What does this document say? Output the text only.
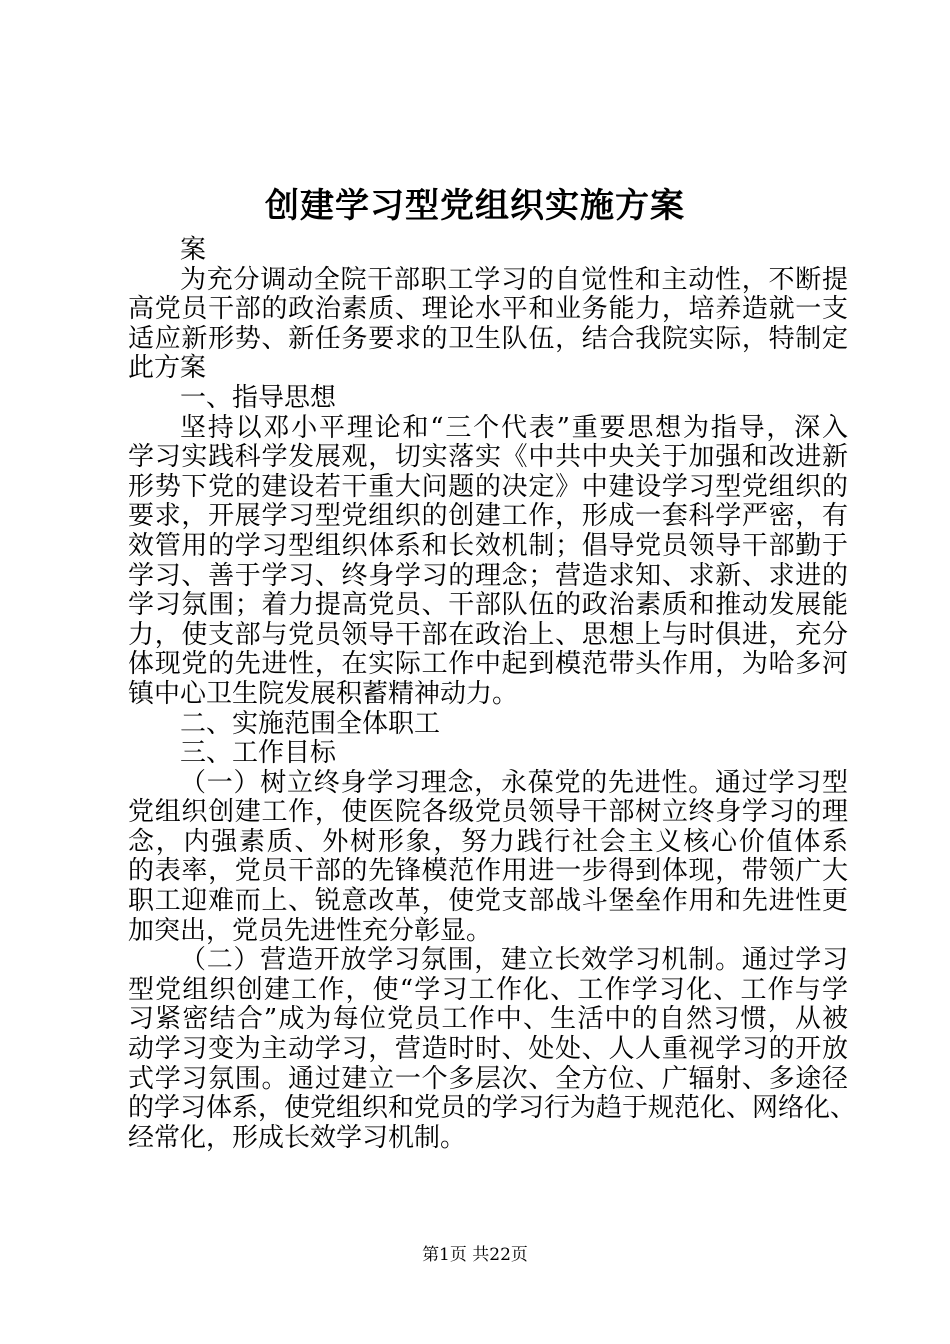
创建学习型党组织实施方案
案
为充分调动全院干部职工学习的自觉性和主动性，不断提
高党员干部的政治素质、理论水平和业务能力，培养造就一支
适应新形势、新任务要求的卫生队伍，结合我院实际，特制定
此方案
一、指导思想
坚持以邓小平理论和“三个代表”重要思想为指导，深入
学习实践科学发展观，切实落实《中共中央关于加强和改进新
形势下党的建设若干重大问题的决定》中建设学习型党组织的
要求，开展学习型党组织的创建工作，形成一套科学严密，有
效管用的学习型组织体系和长效机制；倡导党员领导干部勤于
学习、善于学习、终身学习的理念；营造求知、求新、求进的
学习氛围；着力提高党员、干部队伍的政治素质和推动发展能
力，使支部与党员领导干部在政治上、思想上与时俱进，充分
体现党的先进性，在实际工作中起到模范带头作用，为哈多河
镇中心卫生院发展积蓄精神动力。
二、实施范围全体职工
三、工作目标
（一）树立终身学习理念，永葆党的先进性。通过学习型
党组织创建工作，使医院各级党员领导干部树立终身学习的理
念，内强素质、外树形象，努力践行社会主义核心价值体系
的表率，党员干部的先锋模范作用进一步得到体现，带领广大
职工迎难而上、锐意改革，使党支部战斗堡垒作用和先进性更
加突出，党员先进性充分彰显。
（二）营造开放学习氛围，建立长效学习机制。通过学习
型党组织创建工作，使“学习工作化、工作学习化、工作与学
习紧密结合”成为每位党员工作中、生活中的自然习惯，从被
动学习变为主动学习，营造时时、处处、人人重视学习的开放
式学习氛围。通过建立一个多层次、全方位、广辐射、多途径
的学习体系，使党组织和党员的学习行为趋于规范化、网络化、
经常化，形成长效学习机制。
第1页 共22页
